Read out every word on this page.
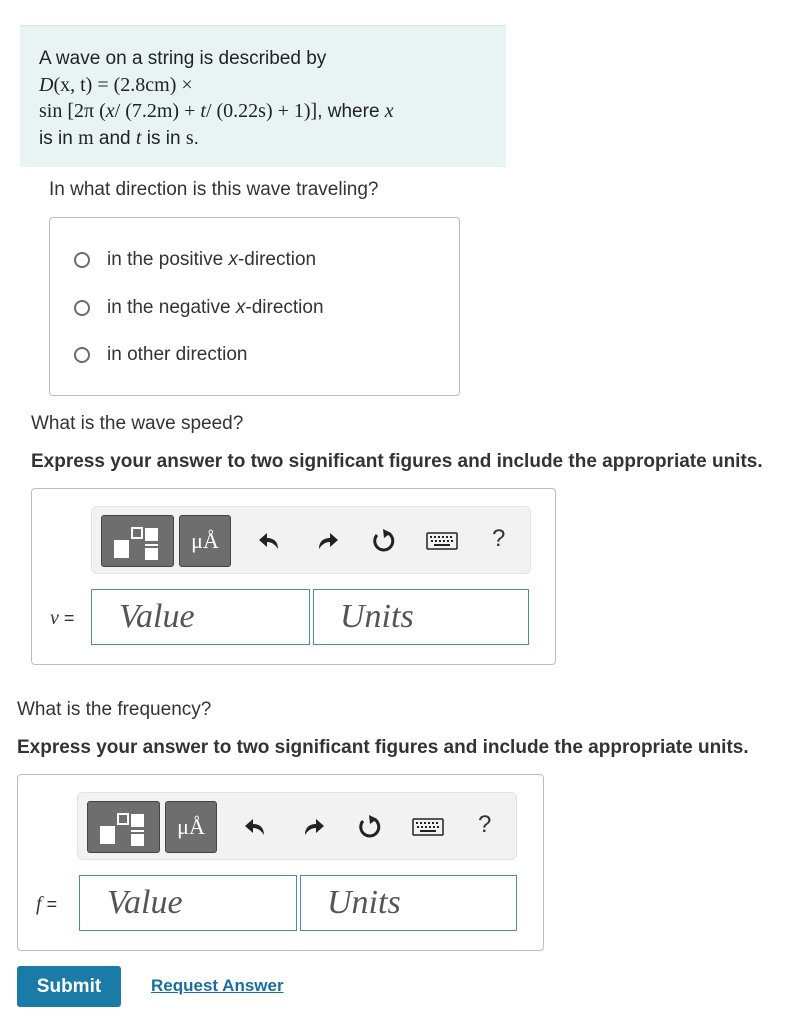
A wave on a string is described by
D(x, t) = (2.8cm) ×
sin [2π (x/ (7.2m) + t/ (0.22s) + 1)], where x
is in m and t is in s.
In what direction is this wave traveling?
in the positive x-direction
in the negative x-direction
in other direction
What is the wave speed?
Express your answer to two significant figures and include the appropriate units.
μÅ	?
v =	Value	Units
What is the frequency?
Express your answer to two significant figures and include the appropriate units.
μÅ	?
f =	Value	Units
Submit	Request Answer
